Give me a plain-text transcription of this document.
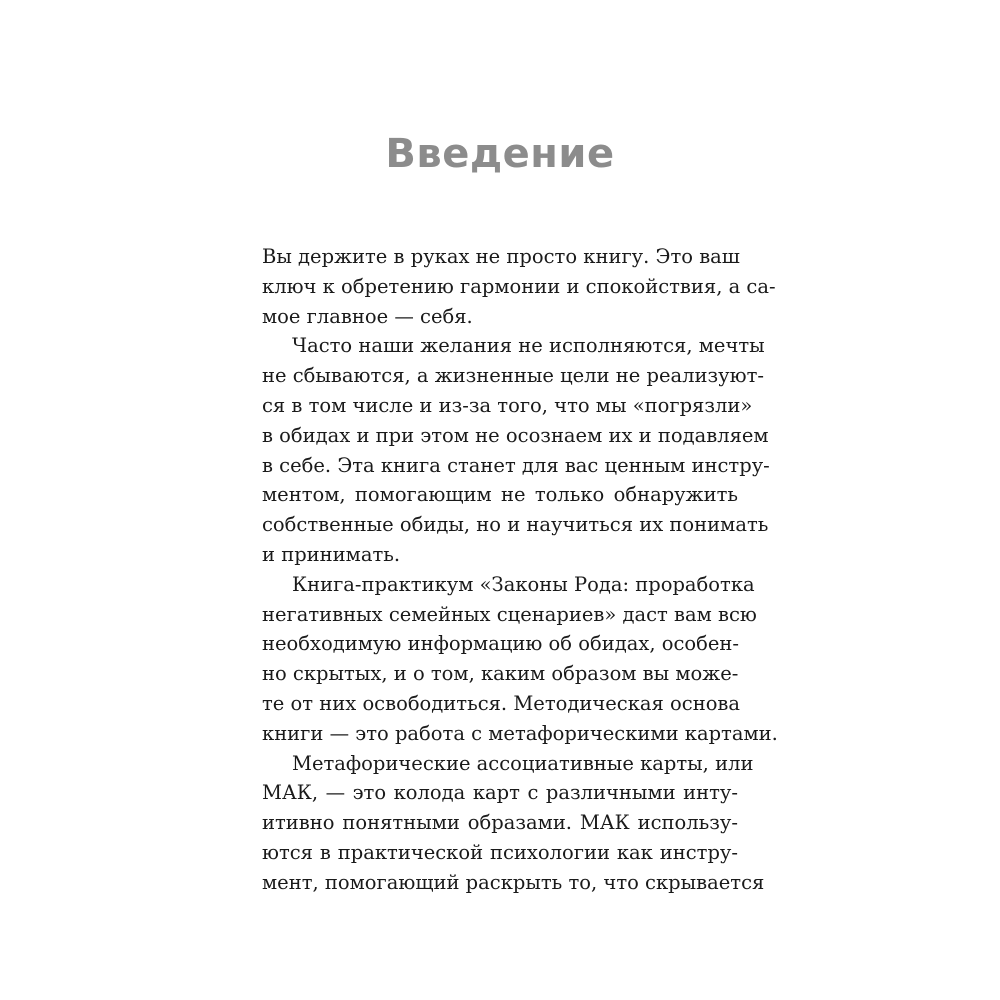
Введение

Вы держите в руках не просто книгу. Это ваш

ключ к обретению гармонии и спокойствия, а са-

мое главное — себя.

Часто наши желания не исполняются, мечты

не сбываются, а жизненные цели не реализуют-

ся в том числе и из-за того, что мы «погрязли»

в обидах и при этом не осознаем их и подавляем

в себе. Эта книга станет для вас ценным инстру-

ментом, помогающим не только обнаружить

собственные обиды, но и научиться их понимать

и принимать.

Книга-практикум «Законы Рода: проработка

негативных семейных сценариев» даст вам всю

необходимую информацию об обидах, особен-

но скрытых, и о том, каким образом вы може-

те от них освободиться. Методическая основа

книги — это работа с метафорическими картами.

Метафорические ассоциативные карты, или

МАК, — это колода карт с различными инту-

итивно понятными образами. МАК использу-

ются в практической психологии как инстру-

мент, помогающий раскрыть то, что скрывается
